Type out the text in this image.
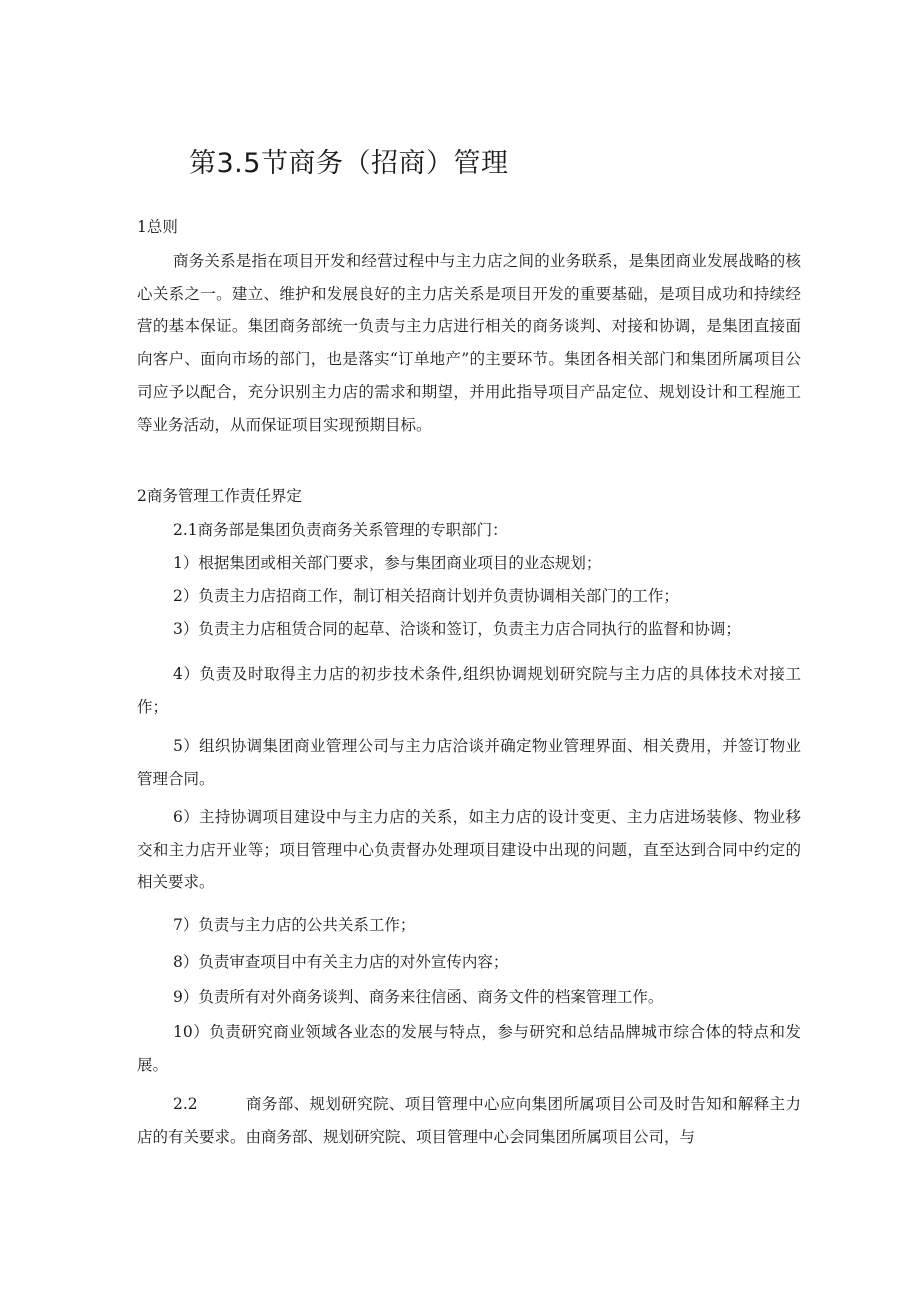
第3.5节商务（招商）管理
1总则
商务关系是指在项目开发和经营过程中与主力店之间的业务联系，是集团商业发展战略的核心关系之一。建立、维护和发展良好的主力店关系是项目开发的重要基础，是项目成功和持续经营的基本保证。集团商务部统一负责与主力店进行相关的商务谈判、对接和协调，是集团直接面向客户、面向市场的部门，也是落实“订单地产”的主要环节。集团各相关部门和集团所属项目公司应予以配合，充分识别主力店的需求和期望，并用此指导项目产品定位、规划设计和工程施工等业务活动，从而保证项目实现预期目标。
2商务管理工作责任界定
2.1商务部是集团负责商务关系管理的专职部门：
1）根据集团或相关部门要求，参与集团商业项目的业态规划；
2）负责主力店招商工作，制订相关招商计划并负责协调相关部门的工作；
3）负责主力店租赁合同的起草、洽谈和签订，负责主力店合同执行的监督和协调；
4）负责及时取得主力店的初步技术条件,组织协调规划研究院与主力店的具体技术对接工作；
5）组织协调集团商业管理公司与主力店洽谈并确定物业管理界面、相关费用，并签订物业管理合同。
6）主持协调项目建设中与主力店的关系，如主力店的设计变更、主力店进场装修、物业移交和主力店开业等；项目管理中心负责督办处理项目建设中出现的问题，直至达到合同中约定的相关要求。
7）负责与主力店的公共关系工作；
8）负责审查项目中有关主力店的对外宣传内容；
9）负责所有对外商务谈判、商务来往信函、商务文件的档案管理工作。
10）负责研究商业领域各业态的发展与特点，参与研究和总结品牌城市综合体的特点和发展。
2.2	商务部、规划研究院、项目管理中心应向集团所属项目公司及时告知和解释主力店的有关要求。由商务部、规划研究院、项目管理中心会同集团所属项目公司，与
